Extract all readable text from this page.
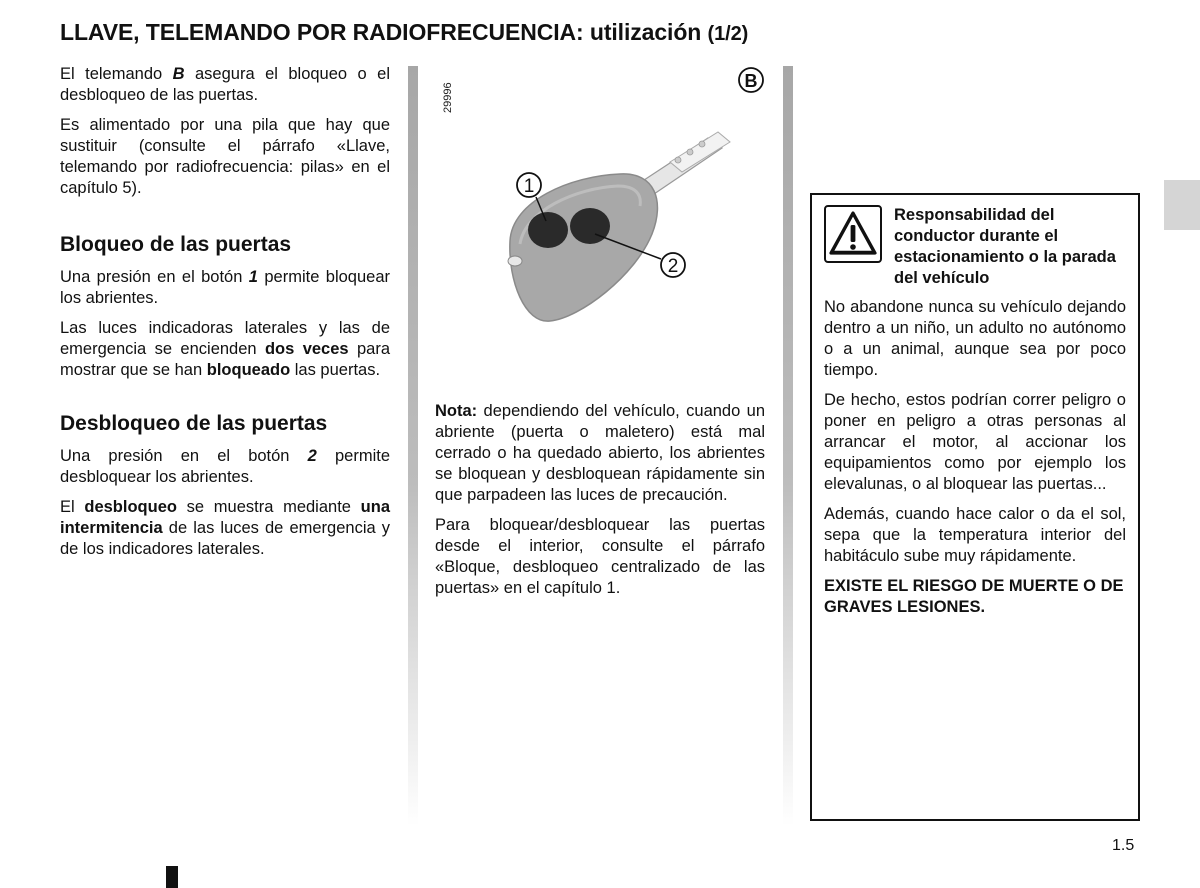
LLAVE, TELEMANDO POR RADIOFRECUENCIA: utilización (1/2)

El telemando B asegura el bloqueo o el desbloqueo de las puertas.

Es alimentado por una pila que hay que sustituir (consulte el párrafo «Llave, telemando por radiofrecuencia: pilas» en el capítulo 5).

Bloqueo de las puertas

Una presión en el botón 1 permite bloquear los abrientes.

Las luces indicadoras laterales y las de emergencia se encienden dos veces para mostrar que se han bloqueado las puertas.

Desbloqueo de las puertas

Una presión en el botón 2 permite desbloquear los abrientes.

El desbloqueo se muestra mediante una intermitencia de las luces de emergencia y de los indicadores laterales.

29996
1
2
B

Nota: dependiendo del vehículo, cuando un abriente (puerta o maletero) está mal cerrado o ha quedado abierto, los abrientes se bloquean y desbloquean rápidamente sin que parpadeen las luces de precaución.

Para bloquear/desbloquear las puertas desde el interior, consulte el párrafo «Bloque, desbloqueo centralizado de las puertas» en el capítulo 1.

Responsabilidad del conductor durante el estacionamiento o la parada del vehículo

No abandone nunca su vehículo dejando dentro a un niño, un adulto no autónomo o a un animal, aunque sea por poco tiempo.

De hecho, estos podrían correr peligro o poner en peligro a otras personas al arrancar el motor, al accionar los equipamientos como por ejemplo los elevalunas, o al bloquear las puertas...

Además, cuando hace calor o da el sol, sepa que la temperatura interior del habitáculo sube muy rápidamente.

EXISTE EL RIESGO DE MUERTE O DE GRAVES LESIONES.

1.5
